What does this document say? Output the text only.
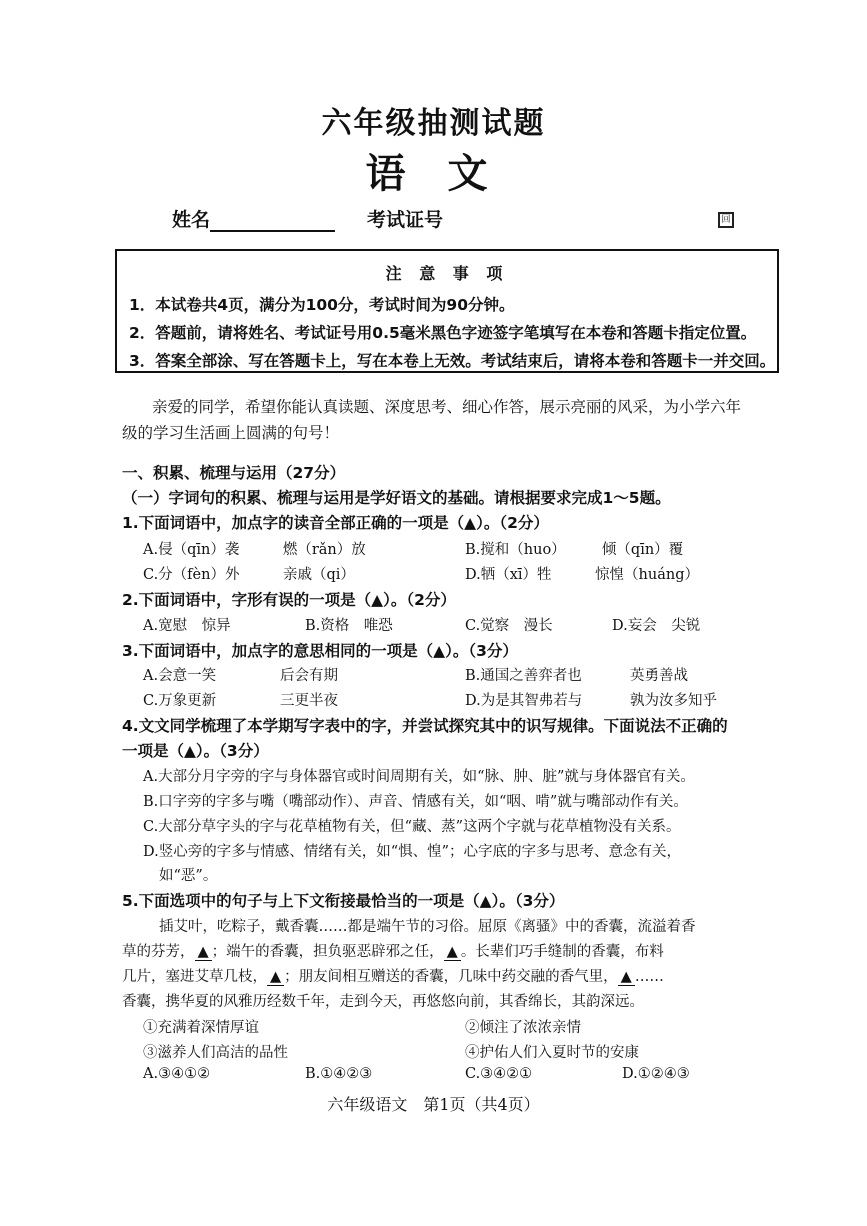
六年级抽测试题
语 文
姓名	考试证号	回
注 意 事 项
1．本试卷共4页，满分为100分，考试时间为90分钟。
2．答题前，请将姓名、考试证号用0.5毫米黑色字迹签字笔填写在本卷和答题卡指定位置。
3．答案全部涂、写在答题卡上，写在本卷上无效。考试结束后，请将本卷和答题卡一并交回。
亲爱的同学，希望你能认真读题、深度思考、细心作答，展示亮丽的风采，为小学六年
级的学习生活画上圆满的句号！
一、积累、梳理与运用（27分）
（一）字词句的积累、梳理与运用是学好语文的基础。请根据要求完成1～5题。
1.下面词语中，加点字的读音全部正确的一项是（▲）。（2分）
A.侵（qīn）袭　　　燃（rǎn）放	B.搅和（huo）　　　倾（qīn）覆
C.分（fèn）外　　　亲戚（qi）	D.牺（xī）牲　　　惊惶（huáng）
2.下面词语中，字形有误的一项是（▲）。（2分）
A.宽慰　惊异	B.资格　唯恐	C.觉察　漫长	D.妄会　尖锐
3.下面词语中，加点字的意思相同的一项是（▲）。（3分）
A.会意一笑	后会有期	B.通国之善弈者也	英勇善战
C.万象更新	三更半夜	D.为是其智弗若与	孰为汝多知乎
4.文文同学梳理了本学期写字表中的字，并尝试探究其中的识写规律。下面说法不正确的
一项是（▲）。（3分）
A.大部分月字旁的字与身体器官或时间周期有关，如“脉、肿、脏”就与身体器官有关。
B.口字旁的字多与嘴（嘴部动作）、声音、情感有关，如“咽、啃”就与嘴部动作有关。
C.大部分草字头的字与花草植物有关，但“藏、蒸”这两个字就与花草植物没有关系。
D.竖心旁的字多与情感、情绪有关，如“惧、惶”；心字底的字多与思考、意念有关，
如“恶”。
5.下面选项中的句子与上下文衔接最恰当的一项是（▲）。（3分）
插艾叶，吃粽子，戴香囊……都是端午节的习俗。屈原《离骚》中的香囊，流溢着香
草的芬芳， ▲ ；端午的香囊，担负驱恶辟邪之任， ▲ 。长辈们巧手缝制的香囊，布料
几片，塞进艾草几枝， ▲ ；朋友间相互赠送的香囊，几味中药交融的香气里， ▲ ……
香囊，携华夏的风雅历经数千年，走到今天，再悠悠向前，其香绵长，其韵深远。
①充满着深情厚谊	②倾注了浓浓亲情
③滋养人们高洁的品性	④护佑人们入夏时节的安康
A.③④①②	B.①④②③	C.③④②①	D.①②④③
六年级语文　第1页（共4页）
